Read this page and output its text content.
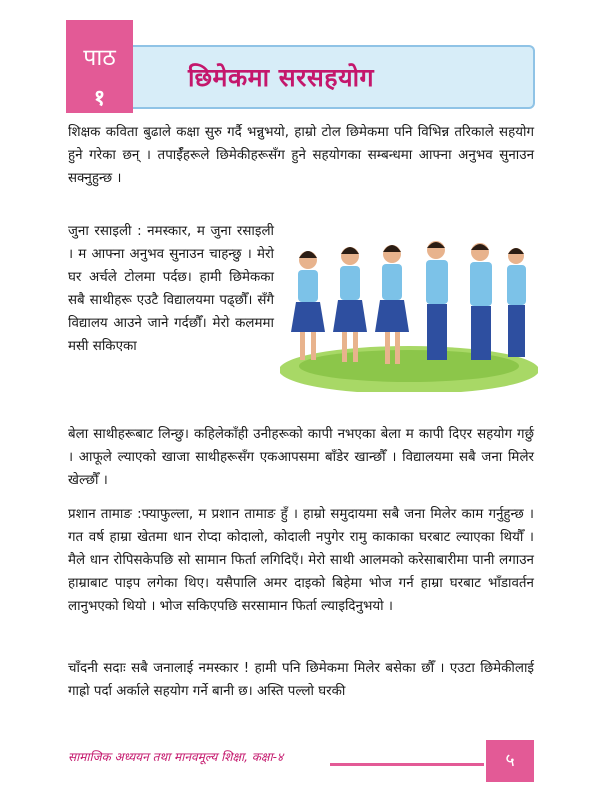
पाठ
१
छिमेकमा सरसहयोग

शिक्षक कविता बुढाले कक्षा सुरु गर्दै भन्नुभयो, हाम्रो टोल छिमेकमा पनि विभिन्न तरिकाले सहयोग हुने गरेका छन् । तपाईँहरूले छिमेकीहरूसँग हुने सहयोगका सम्बन्धमा आफ्ना अनुभव सुनाउन सक्नुहुन्छ ।

जुना रसाइली : नमस्कार, म जुना रसाइली । म आफ्ना अनुभव सुनाउन चाहन्छु । मेरो घर अर्चले टोलमा पर्दछ। हामी छिमेकका सबै साथीहरू एउटै विद्यालयमा पढ्छौँ। सँगै विद्यालय आउने जाने गर्दछौँ। मेरो कलममा मसी सकिएका

बेला साथीहरूबाट लिन्छु। कहिलेकाँही उनीहरूको कापी नभएका बेला म कापी दिएर सहयोग गर्छु । आफूले ल्याएको खाजा साथीहरूसँग एकआपसमा बाँडेर खान्छौँ । विद्यालयमा सबै जना मिलेर खेल्छौँ ।

प्रशान तामाङ :फ्याफुल्ला, म प्रशान तामाङ हुँ । हाम्रो समुदायमा सबै जना मिलेर काम गर्नुहुन्छ । गत वर्ष हाम्रा खेतमा धान रोप्दा कोदालो, कोदाली नपुगेर रामु काकाका घरबाट ल्याएका थियौँ । मैले धान रोपिसकेपछि सो सामान फिर्ता लगिदिएँ। मेरो साथी आलमको करेसाबारीमा पानी लगाउन हाम्राबाट पाइप लगेका थिए। यसैपालि अमर दाइको बिहेमा भोज गर्न हाम्रा घरबाट भाँडावर्तन लानुभएको थियो । भोज सकिएपछि सरसामान फिर्ता ल्याइदिनुभयो ।

चाँदनी सदाः सबै जनालाई नमस्कार ! हामी पनि छिमेकमा मिलेर बसेका छौँ । एउटा छिमेकीलाई गाह्रो पर्दा अर्काले सहयोग गर्ने बानी छ। अस्ति पल्लो घरकी

सामाजिक अध्ययन तथा मानवमूल्य शिक्षा, कक्षा-४	५
